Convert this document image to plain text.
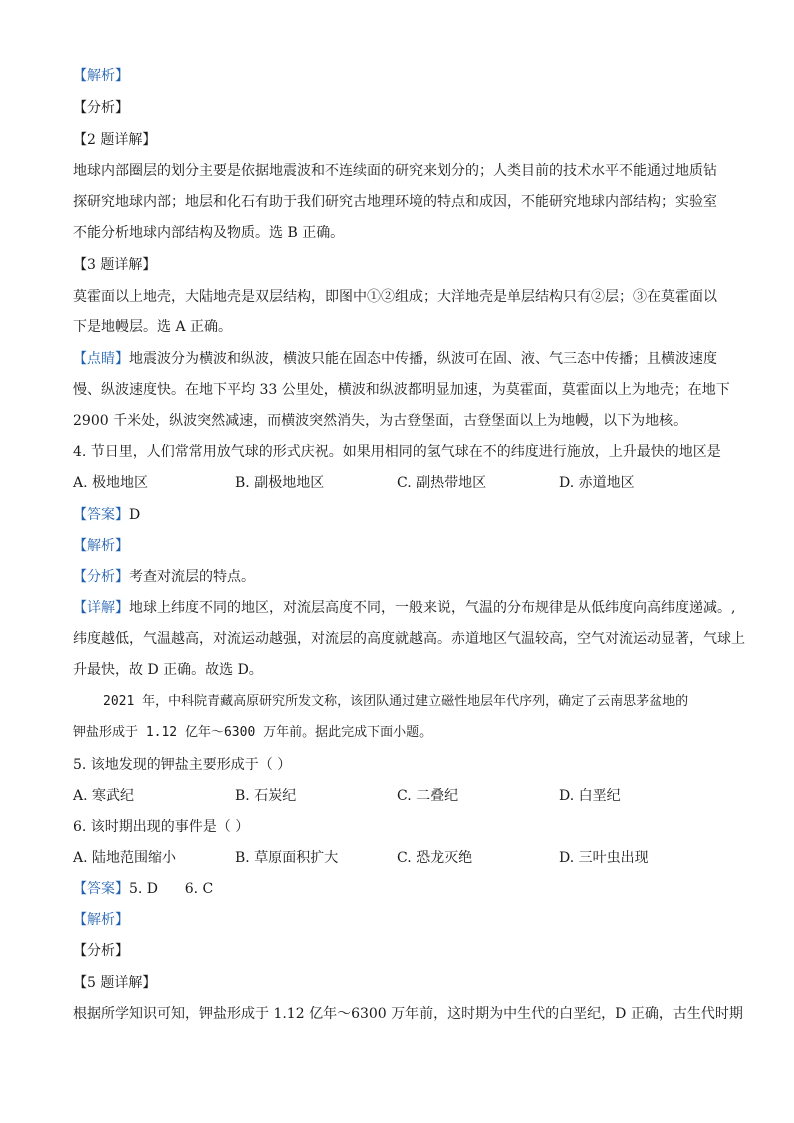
【解析】
【分析】
【2 题详解】
地球内部圈层的划分主要是依据地震波和不连续面的研究来划分的；人类目前的技术水平不能通过地质钻
探研究地球内部；地层和化石有助于我们研究古地理环境的特点和成因，不能研究地球内部结构；实验室
不能分析地球内部结构及物质。选 B 正确。
【3 题详解】
莫霍面以上地壳，大陆地壳是双层结构，即图中①②组成；大洋地壳是单层结构只有②层；③在莫霍面以
下是地幔层。选 A 正确。
【点睛】地震波分为横波和纵波，横波只能在固态中传播，纵波可在固、液、气三态中传播；且横波速度
慢、纵波速度快。在地下平均 33 公里处，横波和纵波都明显加速，为莫霍面，莫霍面以上为地壳；在地下
2900 千米处，纵波突然减速，而横波突然消失，为古登堡面，古登堡面以上为地幔，以下为地核。
4. 节日里，人们常常用放气球的形式庆祝。如果用相同的氢气球在不的纬度进行施放，上升最快的地区是
A. 极地地区	B. 副极地地区	C. 副热带地区	D. 赤道地区
【答案】D
【解析】
【分析】考查对流层的特点。
【详解】地球上纬度不同的地区，对流层高度不同，一般来说，气温的分布规律是从低纬度向高纬度递减。,
纬度越低，气温越高，对流运动越强，对流层的高度就越高。赤道地区气温较高，空气对流运动显著，气球上
升最快，故 D 正确。故选 D。
2021 年，中科院青藏高原研究所发文称，该团队通过建立磁性地层年代序列，确定了云南思茅盆地的
钾盐形成于 1.12 亿年～6300 万年前。据此完成下面小题。
5. 该地发现的钾盐主要形成于（ ）
A. 寒武纪	B. 石炭纪	C. 二叠纪	D. 白垩纪
6. 该时期出现的事件是（ ）
A. 陆地范围缩小	B. 草原面积扩大	C. 恐龙灭绝	D. 三叶虫出现
【答案】5. D      6. C
【解析】
【分析】
【5 题详解】
根据所学知识可知，钾盐形成于 1.12 亿年～6300 万年前，这时期为中生代的白垩纪，D 正确，古生代时期
